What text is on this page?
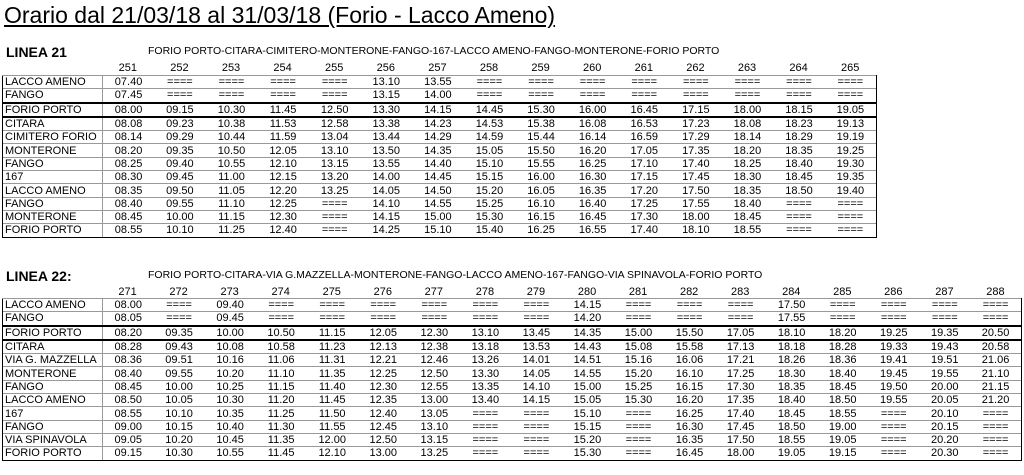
Orario dal 21/03/18 al 31/03/18 (Forio - Lacco Ameno)
LINEA 21	FORIO PORTO-CITARA-CIMITERO-MONTERONE-FANGO-167-LACCO AMENO-FANGO-MONTERONE-FORIO PORTO
251	252	253	254	255	256	257	258	259	260	261	262	263	264	265
LACCO AMENO	07.40	====	====	====	====	13.10	13.55	====	====	====	====	====	====	====	====
FANGO	07.45	====	====	====	====	13.15	14.00	====	====	====	====	====	====	====	====
FORIO PORTO	08.00	09.15	10.30	11.45	12.50	13.30	14.15	14.45	15.30	16.00	16.45	17.15	18.00	18.15	19.05
CITARA	08.08	09.23	10.38	11.53	12.58	13.38	14.23	14.53	15.38	16.08	16.53	17.23	18.08	18.23	19.13
CIMITERO FORIO	08.14	09.29	10.44	11.59	13.04	13.44	14.29	14.59	15.44	16.14	16.59	17.29	18.14	18.29	19.19
MONTERONE	08.20	09.35	10.50	12.05	13.10	13.50	14.35	15.05	15.50	16.20	17.05	17.35	18.20	18.35	19.25
FANGO	08.25	09.40	10.55	12.10	13.15	13.55	14.40	15.10	15.55	16.25	17.10	17.40	18.25	18.40	19.30
167	08.30	09.45	11.00	12.15	13.20	14.00	14.45	15.15	16.00	16.30	17.15	17.45	18.30	18.45	19.35
LACCO AMENO	08.35	09.50	11.05	12.20	13.25	14.05	14.50	15.20	16.05	16.35	17.20	17.50	18.35	18.50	19.40
FANGO	08.40	09.55	11.10	12.25	====	14.10	14.55	15.25	16.10	16.40	17.25	17.55	18.40	====	====
MONTERONE	08.45	10.00	11.15	12.30	====	14.15	15.00	15.30	16.15	16.45	17.30	18.00	18.45	====	====
FORIO PORTO	08.55	10.10	11.25	12.40	====	14.25	15.10	15.40	16.25	16.55	17.40	18.10	18.55	====	====
LINEA 22:	FORIO PORTO-CITARA-VIA G.MAZZELLA-MONTERONE-FANGO-LACCO AMENO-167-FANGO-VIA SPINAVOLA-FORIO PORTO
271	272	273	274	275	276	277	278	279	280	281	282	283	284	285	286	287	288
LACCO AMENO	08.00	====	09.40	====	====	====	====	====	====	14.15	====	====	====	17.50	====	====	====	====
FANGO	08.05	====	09.45	====	====	====	====	====	====	14.20	====	====	====	17.55	====	====	====	====
FORIO PORTO	08.20	09.35	10.00	10.50	11.15	12.05	12.30	13.10	13.45	14.35	15.00	15.50	17.05	18.10	18.20	19.25	19.35	20.50
CITARA	08.28	09.43	10.08	10.58	11.23	12.13	12.38	13.18	13.53	14.43	15.08	15.58	17.13	18.18	18.28	19.33	19.43	20.58
VIA G. MAZZELLA	08.36	09.51	10.16	11.06	11.31	12.21	12.46	13.26	14.01	14.51	15.16	16.06	17.21	18.26	18.36	19.41	19.51	21.06
MONTERONE	08.40	09.55	10.20	11.10	11.35	12.25	12.50	13.30	14.05	14.55	15.20	16.10	17.25	18.30	18.40	19.45	19.55	21.10
FANGO	08.45	10.00	10.25	11.15	11.40	12.30	12.55	13.35	14.10	15.00	15.25	16.15	17.30	18.35	18.45	19.50	20.00	21.15
LACCO AMENO	08.50	10.05	10.30	11.20	11.45	12.35	13.00	13.40	14.15	15.05	15.30	16.20	17.35	18.40	18.50	19.55	20.05	21.20
167	08.55	10.10	10.35	11.25	11.50	12.40	13.05	====	====	15.10	====	16.25	17.40	18.45	18.55	====	20.10	====
FANGO	09.00	10.15	10.40	11.30	11.55	12.45	13.10	====	====	15.15	====	16.30	17.45	18.50	19.00	====	20.15	====
VIA SPINAVOLA	09.05	10.20	10.45	11.35	12.00	12.50	13.15	====	====	15.20	====	16.35	17.50	18.55	19.05	====	20.20	====
FORIO PORTO	09.15	10.30	10.55	11.45	12.10	13.00	13.25	====	====	15.30	====	16.45	18.00	19.05	19.15	====	20.30	====
